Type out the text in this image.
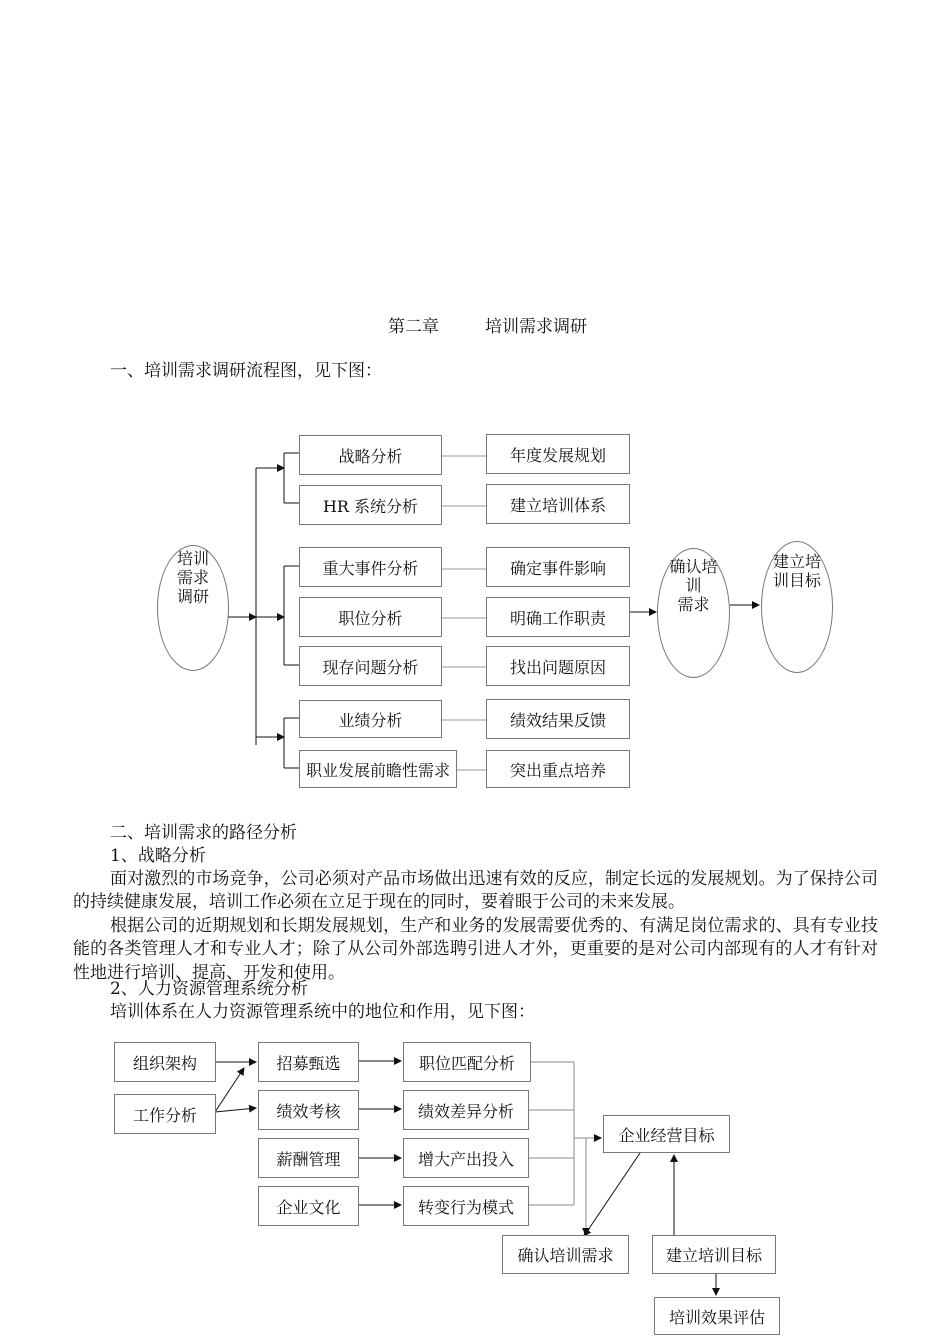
第二章	培训需求调研
一、培训需求调研流程图，见下图：
培训
需求
调研
战略分析
HR 系统分析
重大事件分析
职位分析
现存问题分析
业绩分析
职业发展前瞻性需求
年度发展规划
建立培训体系
确定事件影响
明确工作职责
找出问题原因
绩效结果反馈
突出重点培养
确认培
训
需求
建立培
训目标
二、培训需求的路径分析
1、战略分析
面对激烈的市场竞争，公司必须对产品市场做出迅速有效的反应，制定长远的发展规划。为了保持公司的持续健康发展，培训工作必须在立足于现在的同时，要着眼于公司的未来发展。
根据公司的近期规划和长期发展规划，生产和业务的发展需要优秀的、有满足岗位需求的、具有专业技能的各类管理人才和专业人才；除了从公司外部选聘引进人才外，更重要的是对公司内部现有的人才有针对性地进行培训、提高、开发和使用。
2、人力资源管理系统分析
培训体系在人力资源管理系统中的地位和作用，见下图：
组织架构
工作分析
招募甄选
绩效考核
薪酬管理
企业文化
职位匹配分析
绩效差异分析
增大产出投入
转变行为模式
企业经营目标
确认培训需求	建立培训目标
培训效果评估
